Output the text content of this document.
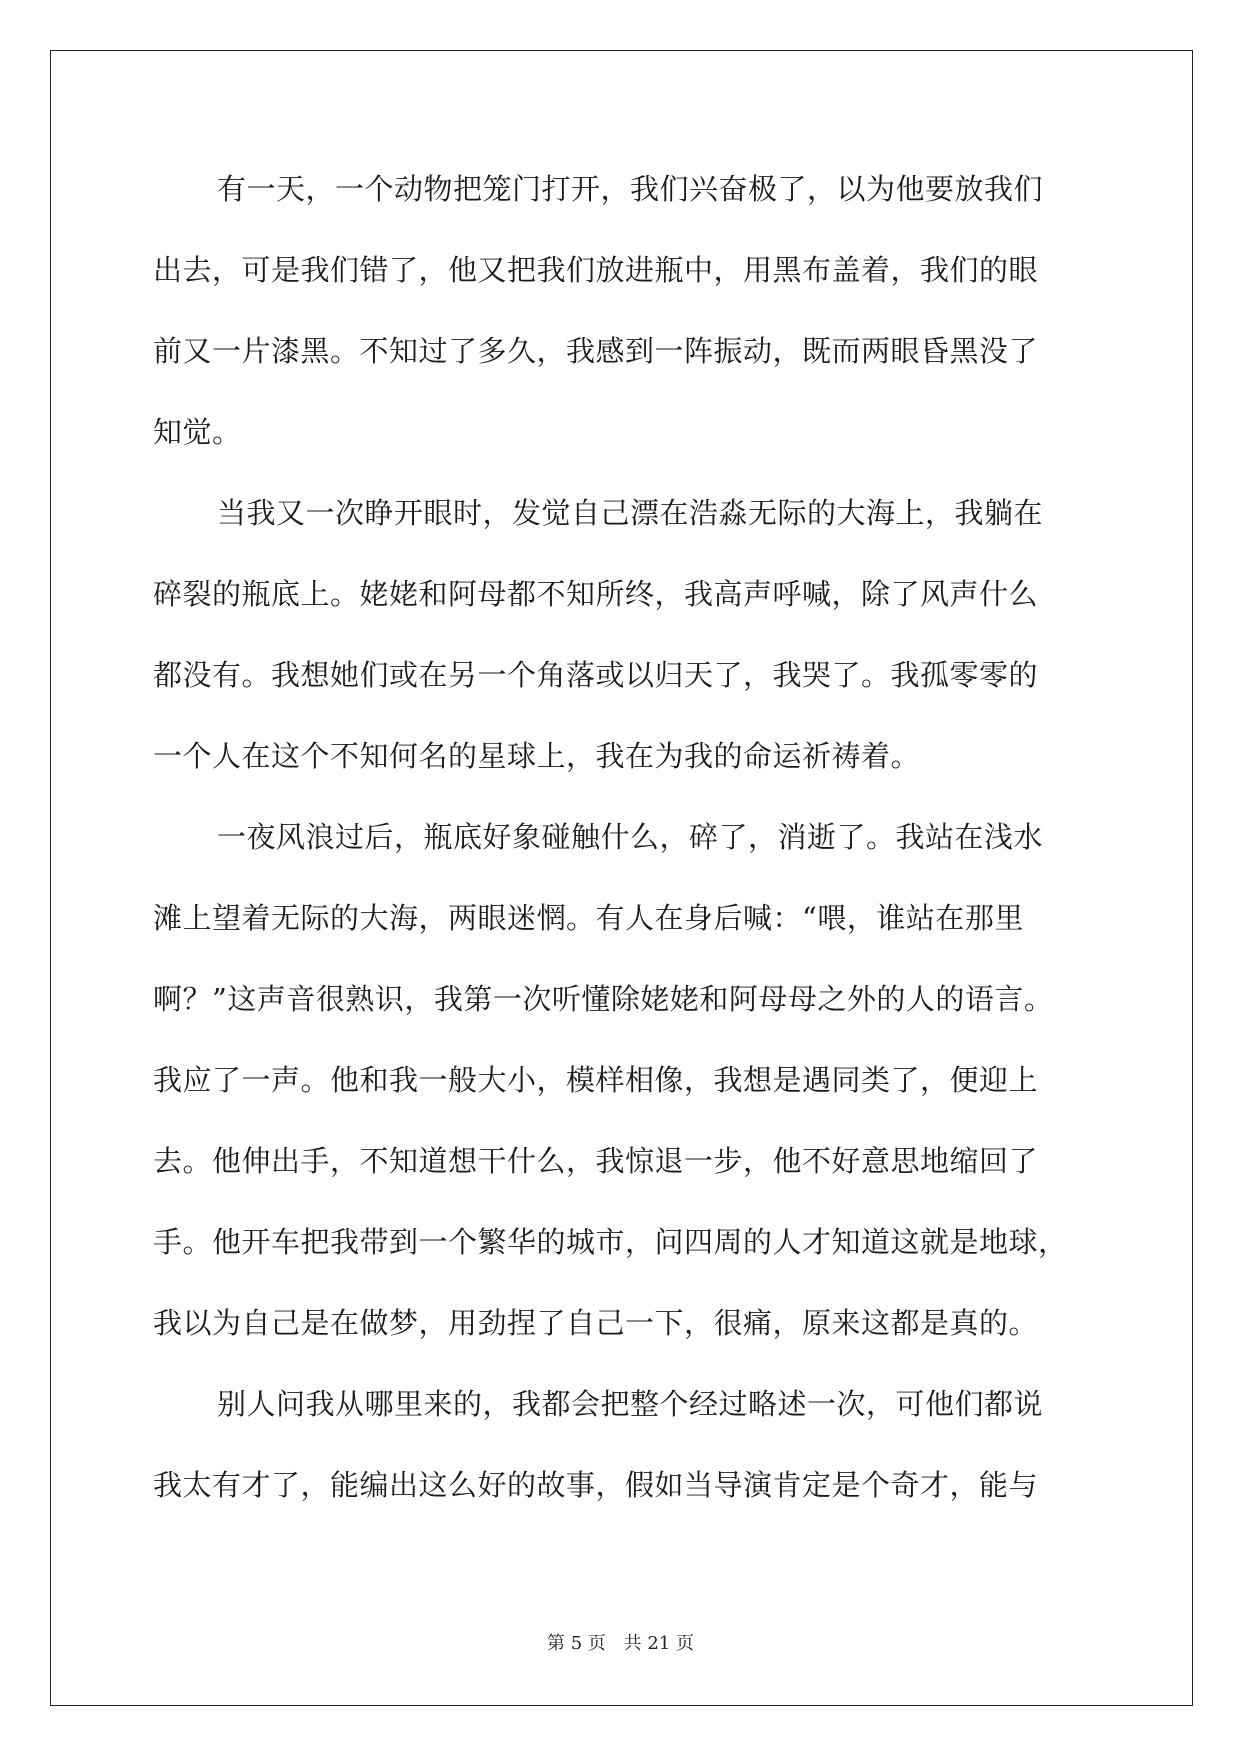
有一天，一个动物把笼门打开，我们兴奋极了，以为他要放我们
出去，可是我们错了，他又把我们放进瓶中，用黑布盖着，我们的眼
前又一片漆黑。不知过了多久，我感到一阵振动，既而两眼昏黑没了
知觉。
当我又一次睁开眼时，发觉自己漂在浩淼无际的大海上，我躺在
碎裂的瓶底上。姥姥和阿母都不知所终，我高声呼喊，除了风声什么
都没有。我想她们或在另一个角落或以归天了，我哭了。我孤零零的
一个人在这个不知何名的星球上，我在为我的命运祈祷着。
一夜风浪过后，瓶底好象碰触什么，碎了，消逝了。我站在浅水
滩上望着无际的大海，两眼迷惘。有人在身后喊：“喂，谁站在那里
啊？”这声音很熟识，我第一次听懂除姥姥和阿母母之外的人的语言。
我应了一声。他和我一般大小，模样相像，我想是遇同类了，便迎上
去。他伸出手，不知道想干什么，我惊退一步，他不好意思地缩回了
手。他开车把我带到一个繁华的城市，问四周的人才知道这就是地球，
我以为自己是在做梦，用劲捏了自己一下，很痛，原来这都是真的。
别人问我从哪里来的，我都会把整个经过略述一次，可他们都说
我太有才了，能编出这么好的故事，假如当导演肯定是个奇才，能与
第 5 页 共 21 页
